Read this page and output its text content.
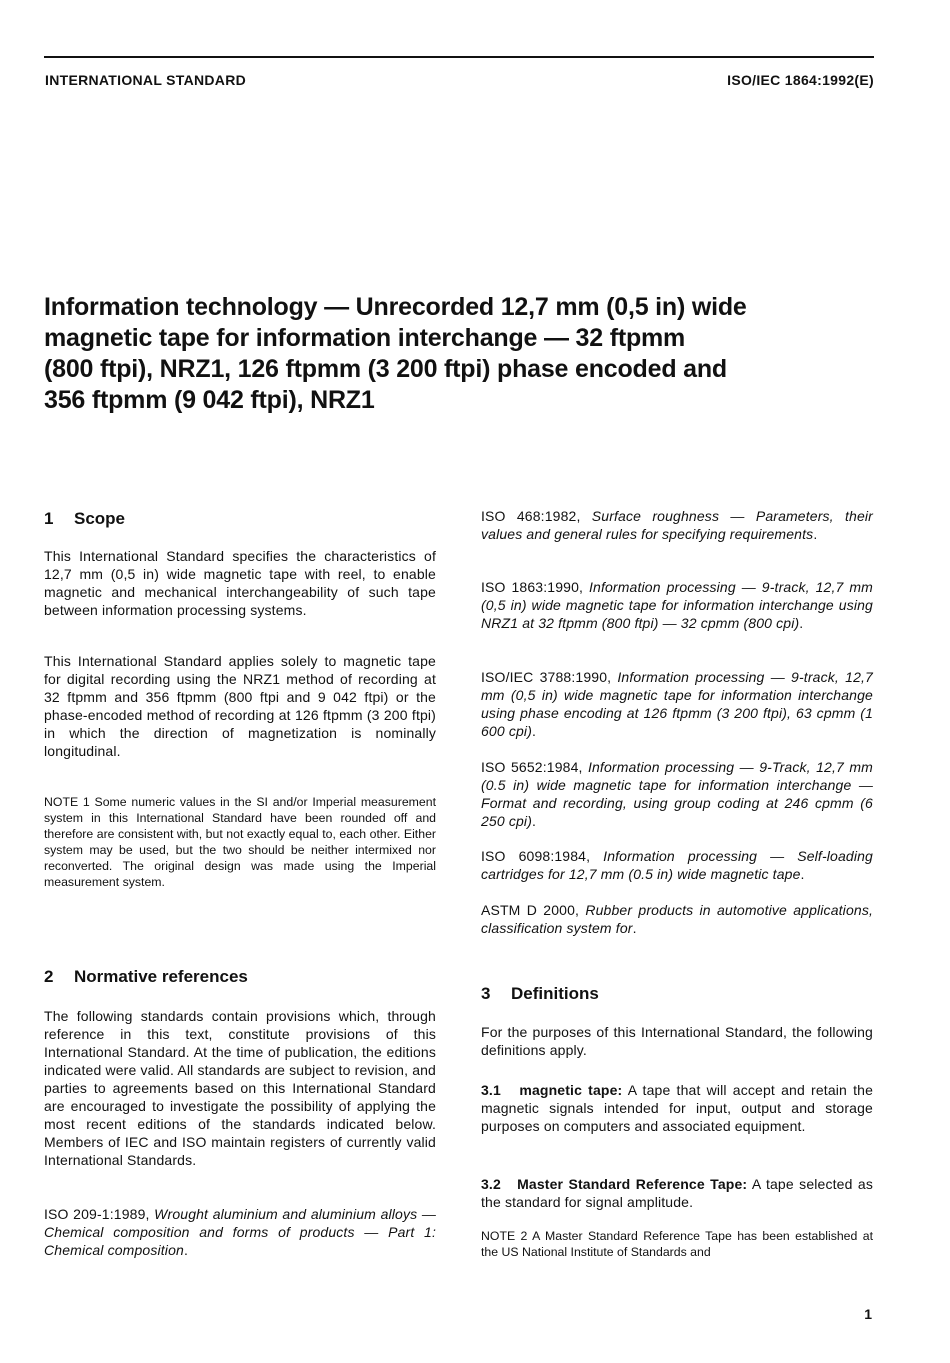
INTERNATIONAL STANDARD	ISO/IEC 1864:1992(E)
Information technology — Unrecorded 12,7 mm (0,5 in) wide
magnetic tape for information interchange — 32 ftpmm
(800 ftpi), NRZ1, 126 ftpmm (3 200 ftpi) phase encoded and
356 ftpmm (9 042 ftpi), NRZ1
1 Scope
This International Standard specifies the characteristics of 12,7 mm (0,5 in) wide magnetic tape with reel, to enable magnetic and mechanical interchangeability of such tape between information processing systems.
This International Standard applies solely to magnetic tape for digital recording using the NRZ1 method of recording at 32 ftpmm and 356 ftpmm (800 ftpi and 9 042 ftpi) or the phase-encoded method of recording at 126 ftpmm (3 200 ftpi) in which the direction of magnetization is nominally longitudinal.
NOTE 1 Some numeric values in the SI and/or Imperial measurement system in this International Standard have been rounded off and therefore are consistent with, but not exactly equal to, each other. Either system may be used, but the two should be neither intermixed nor reconverted. The original design was made using the Imperial measurement system.
2 Normative references
The following standards contain provisions which, through reference in this text, constitute provisions of this International Standard. At the time of publication, the editions indicated were valid. All standards are subject to revision, and parties to agreements based on this International Standard are encouraged to investigate the possibility of applying the most recent editions of the standards indicated below. Members of IEC and ISO maintain registers of currently valid International Standards.
ISO 209-1:1989, Wrought aluminium and aluminium alloys — Chemical composition and forms of products — Part 1: Chemical composition.
ISO 468:1982, Surface roughness — Parameters, their values and general rules for specifying requirements.
ISO 1863:1990, Information processing — 9-track, 12,7 mm (0,5 in) wide magnetic tape for information interchange using NRZ1 at 32 ftpmm (800 ftpi) — 32 cpmm (800 cpi).
ISO/IEC 3788:1990, Information processing — 9-track, 12,7 mm (0,5 in) wide magnetic tape for information interchange using phase encoding at 126 ftpmm (3 200 ftpi), 63 cpmm (1 600 cpi).
ISO 5652:1984, Information processing — 9-Track, 12,7 mm (0.5 in) wide magnetic tape for information interchange — Format and recording, using group coding at 246 cpmm (6 250 cpi).
ISO 6098:1984, Information processing — Self-loading cartridges for 12,7 mm (0.5 in) wide magnetic tape.
ASTM D 2000, Rubber products in automotive applications, classification system for.
3 Definitions
For the purposes of this International Standard, the following definitions apply.
3.1 magnetic tape: A tape that will accept and retain the magnetic signals intended for input, output and storage purposes on computers and associated equipment.
3.2 Master Standard Reference Tape: A tape selected as the standard for signal amplitude.
NOTE 2 A Master Standard Reference Tape has been established at the US National Institute of Standards and
1
